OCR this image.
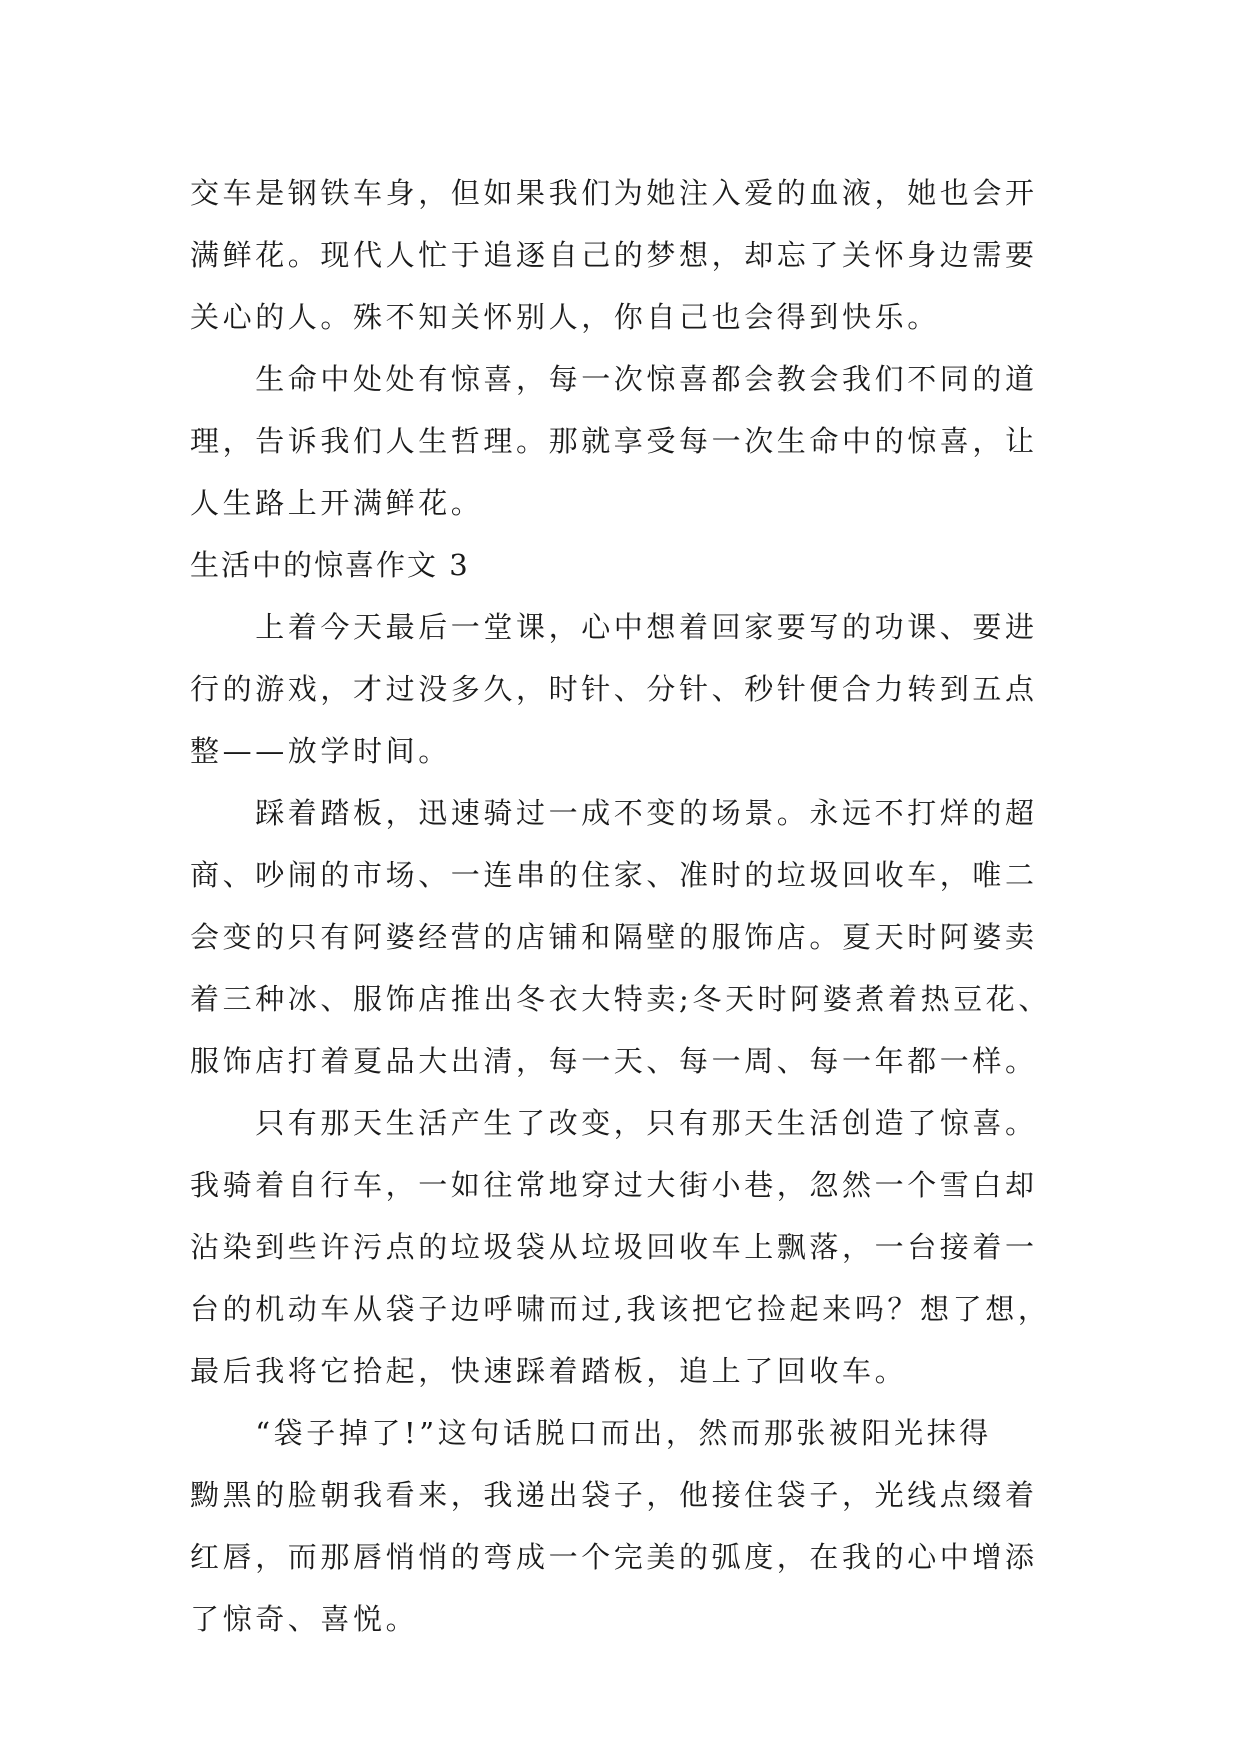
交车是钢铁车身，但如果我们为她注入爱的血液，她也会开
满鲜花。现代人忙于追逐自己的梦想，却忘了关怀身边需要
关心的人。殊不知关怀别人，你自己也会得到快乐。
　　生命中处处有惊喜，每一次惊喜都会教会我们不同的道
理，告诉我们人生哲理。那就享受每一次生命中的惊喜，让
人生路上开满鲜花。
生活中的惊喜作文 3
　　上着今天最后一堂课，心中想着回家要写的功课、要进
行的游戏，才过没多久，时针、分针、秒针便合力转到五点
整——放学时间。
　　踩着踏板，迅速骑过一成不变的场景。永远不打烊的超
商、吵闹的市场、一连串的住家、准时的垃圾回收车，唯二
会变的只有阿婆经营的店铺和隔壁的服饰店。夏天时阿婆卖
着三种冰、服饰店推出冬衣大特卖;冬天时阿婆煮着热豆花、
服饰店打着夏品大出清，每一天、每一周、每一年都一样。
　　只有那天生活产生了改变，只有那天生活创造了惊喜。
我骑着自行车，一如往常地穿过大街小巷，忽然一个雪白却
沾染到些许污点的垃圾袋从垃圾回收车上飘落，一台接着一
台的机动车从袋子边呼啸而过,我该把它捡起来吗？想了想，
最后我将它拾起，快速踩着踏板，追上了回收车。
　　“袋子掉了!”这句话脱口而出，然而那张被阳光抹得
黝黑的脸朝我看来，我递出袋子，他接住袋子，光线点缀着
红唇，而那唇悄悄的弯成一个完美的弧度，在我的心中增添
了惊奇、喜悦。
